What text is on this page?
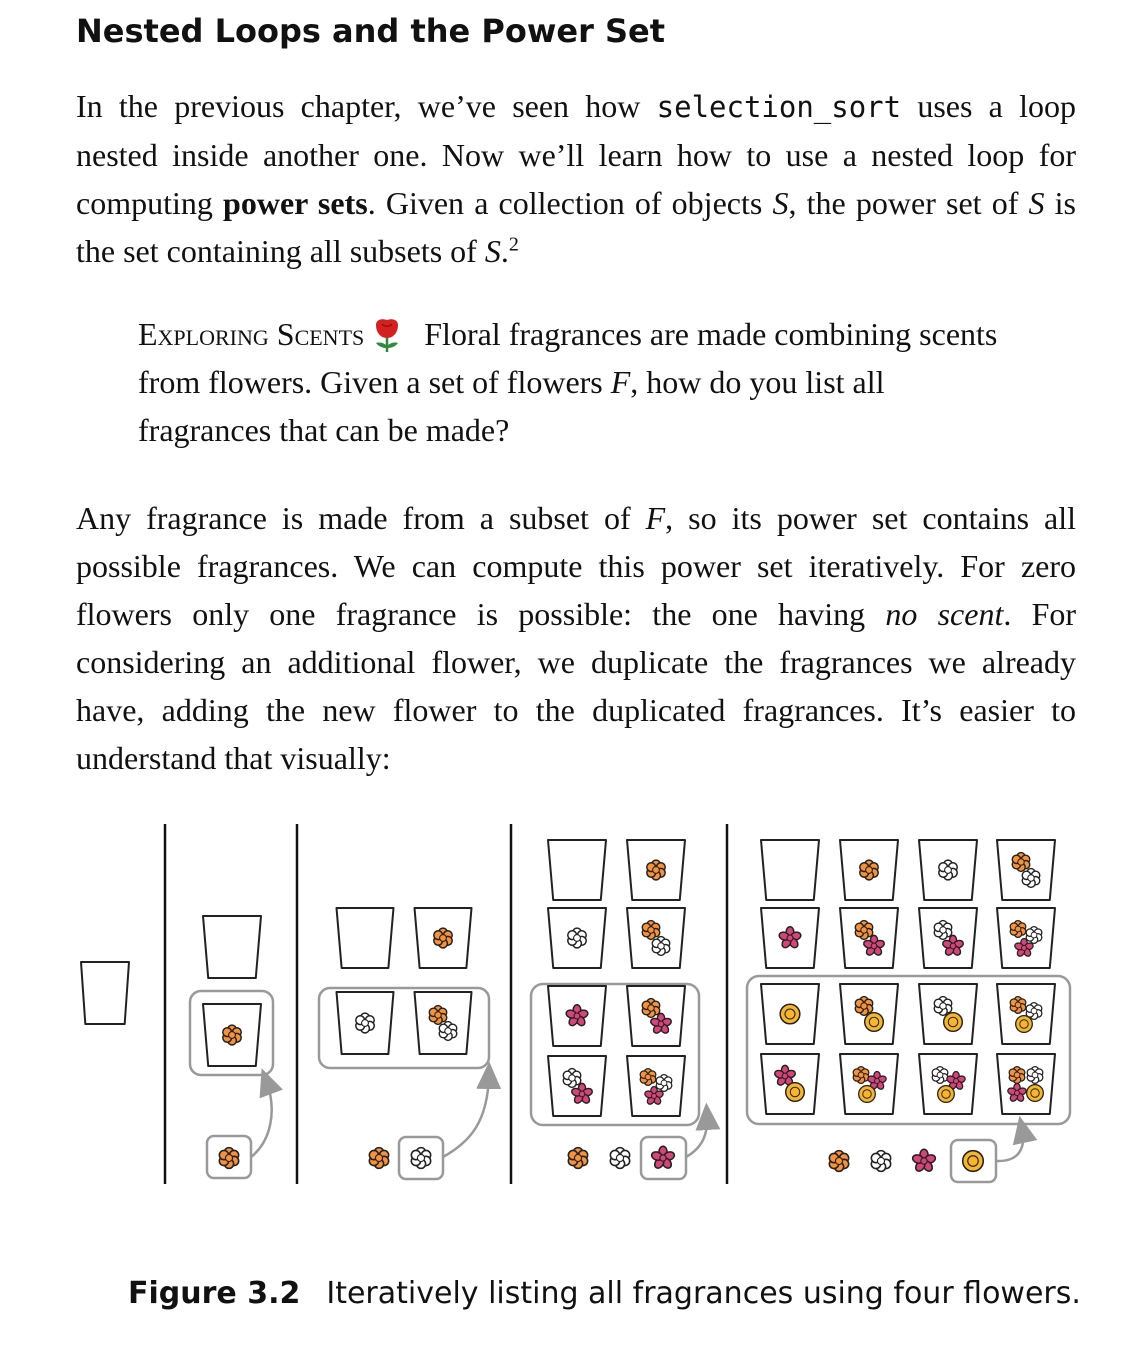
Nested Loops and the Power Set

In the previous chapter, we’ve seen how selection_sort uses a loop nested inside another one. Now we’ll learn how to use a nested loop for computing power sets. Given a collection of objects S, the power set of S is the set containing all subsets of S.$^2$

Exploring Scents Floral fragrances are made combining scents from flowers. Given a set of flowers F, how do you list all fragrances that can be made?

Any fragrance is made from a subset of F, so its power set contains all possible fragrances. We can compute this power set iteratively. For zero flowers only one fragrance is possible: the one having no scent. For considering an additional flower, we duplicate the fragrances we already have, adding the new flower to the duplicated fragrances. It’s easier to understand that visually:

Figure 3.2 Iteratively listing all fragrances using four flowers.
